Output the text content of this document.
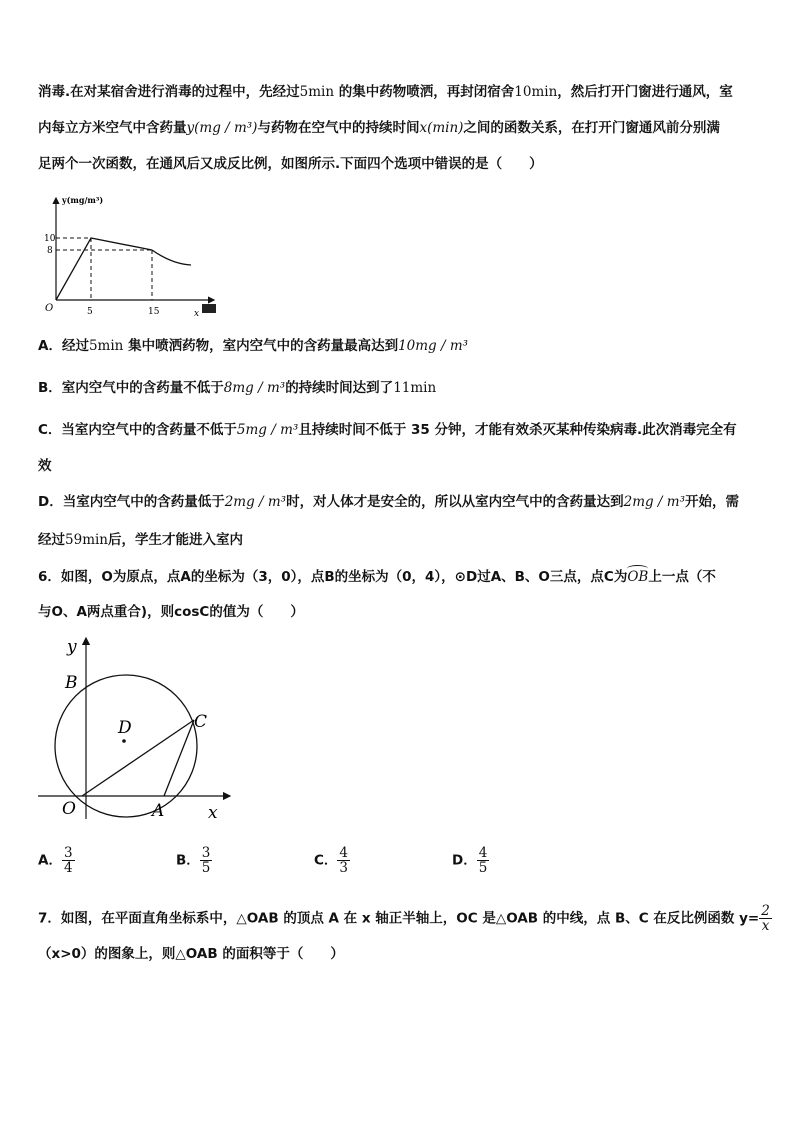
消毒.在对某宿舍进行消毒的过程中，先经过5min 的集中药物喷洒，再封闭宿舍10min，然后打开门窗进行通风，室
内每立方米空气中含药量y(mg / m³)与药物在空气中的持续时间x(min)之间的函数关系，在打开门窗通风前分别满
足两个一次函数，在通风后又成反比例，如图所示.下面四个选项中错误的是（　　）
y(mg/m³)
10
8
O	5	15	x
A．经过5min 集中喷洒药物，室内空气中的含药量最高达到10mg / m³
B．室内空气中的含药量不低于8mg / m³的持续时间达到了11min
C．当室内空气中的含药量不低于5mg / m³且持续时间不低于 35 分钟，才能有效杀灭某种传染病毒.此次消毒完全有
效
D．当室内空气中的含药量低于2mg / m³时，对人体才是安全的，所以从室内空气中的含药量达到2mg / m³开始，需
经过59min后，学生才能进入室内
6．如图，O为原点，点A的坐标为（3，0），点B的坐标为（0，4），⊙D过A、B、O三点，点C为
OB上一点（不
与O、A两点重合)，则cosC的值为（　　）
y
B
D	C
O	A	x
A． $\frac{3}{4}$	B． $\frac{3}{5}$	C． $\frac{4}{3}$	D． $\frac{4}{5}$
7．如图，在平面直角坐标系中，△OAB 的顶点 A 在 x 轴正半轴上，OC 是△OAB 的中线，点 B、C 在反比例函数 $y= \frac{2}{x}$
（x>0）的图象上，则△OAB 的面积等于（　　）
